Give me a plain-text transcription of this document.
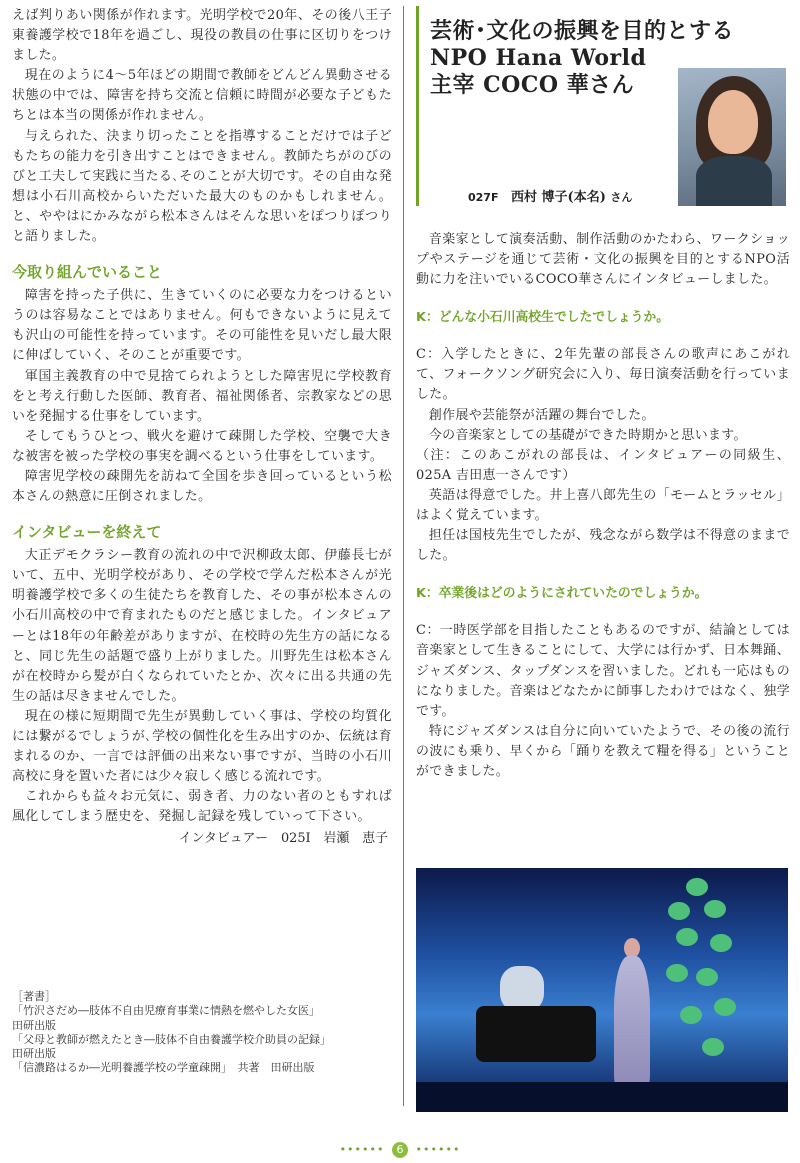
えば判りあい関係が作れます。光明学校で20年、その後八王子東養護学校で18年を過ごし、現役の教員の仕事に区切りをつけました。

現在のように4～5年ほどの期間で教師をどんどん異動させる状態の中では、障害を持ち交流と信頼に時間が必要な子どもたちとは本当の関係が作れません。

与えられた、決まり切ったことを指導することだけでは子どもたちの能力を引き出すことはできません。教師たちがのびのびと工夫して実践に当たる､そのことが大切です。その自由な発想は小石川高校からいただいた最大のものかもしれません。と、ややはにかみながら松本さんはそんな思いをぽつりぽつりと語りました。

今取り組んでいること

障害を持った子供に、生きていくのに必要な力をつけるというのは容易なことではありません。何もできないように見えても沢山の可能性を持っています。その可能性を見いだし最大限に伸ばしていく、そのことが重要です。

軍国主義教育の中で見捨てられようとした障害児に学校教育をと考え行動した医師、教育者、福祉関係者、宗教家などの思いを発掘する仕事をしています。

そしてもうひとつ、戦火を避けて疎開した学校、空襲で大きな被害を被った学校の事実を調べるという仕事をしています。

障害児学校の疎開先を訪ねて全国を歩き回っているという松本さんの熱意に圧倒されました。

インタビューを終えて

大正デモクラシー教育の流れの中で沢柳政太郎、伊藤長七がいて、五中、光明学校があり、その学校で学んだ松本さんが光明養護学校で多くの生徒たちを教育した、その事が松本さんの小石川高校の中で育まれたものだと感じました。インタビュアーとは18年の年齢差がありますが、在校時の先生方の話になると、同じ先生の話題で盛り上がりました。川野先生は松本さんが在校時から髪が白くなられていたとか、次々に出る共通の先生の話は尽きませんでした。

現在の様に短期間で先生が異動していく事は、学校の均質化には繋がるでしょうが､学校の個性化を生み出すのか、伝統は育まれるのか、一言では評価の出来ない事ですが、当時の小石川高校に身を置いた者には少々寂しく感じる流れです。

これからも益々お元気に、弱き者、力のない者のともすれば風化してしまう歴史を、発掘し記録を残していって下さい。

インタビュアー　025I　岩瀬　恵子
［著書］
「竹沢さだめ―肢体不自由児療育事業に情熱を燃やした女医」
田研出版
「父母と教師が燃えたとき―肢体不自由養護学校介助員の記録」
田研出版
「信濃路はるか―光明養護学校の学童疎開」　共著　田研出版
芸術･文化の振興を目的とする
NPO Hana World
主宰 COCO 華さん
027F 西村 博子(本名) さん

音楽家として演奏活動、制作活動のかたわら、ワークショップやステージを通じて芸術・文化の振興を目的とするNPO活動に力を注いでいるCOCO華さんにインタビューしました。

K：どんな小石川高校生でしたでしょうか。

C：入学したときに、2年先輩の部長さんの歌声にあこがれて、フォークソング研究会に入り、毎日演奏活動を行っていました。

創作展や芸能祭が活躍の舞台でした。

今の音楽家としての基礎ができた時期かと思います。

（注：このあこがれの部長は、インタビュアーの同級生、025A 吉田恵一さんです）

英語は得意でした。井上喜八郎先生の「モームとラッセル」はよく覚えています。

担任は国枝先生でしたが、残念ながら数学は不得意のままでした。

K：卒業後はどのようにされていたのでしょうか。

C：一時医学部を目指したこともあるのですが、結論としては音楽家として生きることにして、大学には行かず、日本舞踊、ジャズダンス、タップダンスを習いました。どれも一応はものになりました。音楽はどなたかに師事したわけではなく、独学です。

特にジャズダンスは自分に向いていたようで、その後の流行の波にも乗り、早くから「踊りを教えて糧を得る」ということができました。

•••••• 6 ••••••
